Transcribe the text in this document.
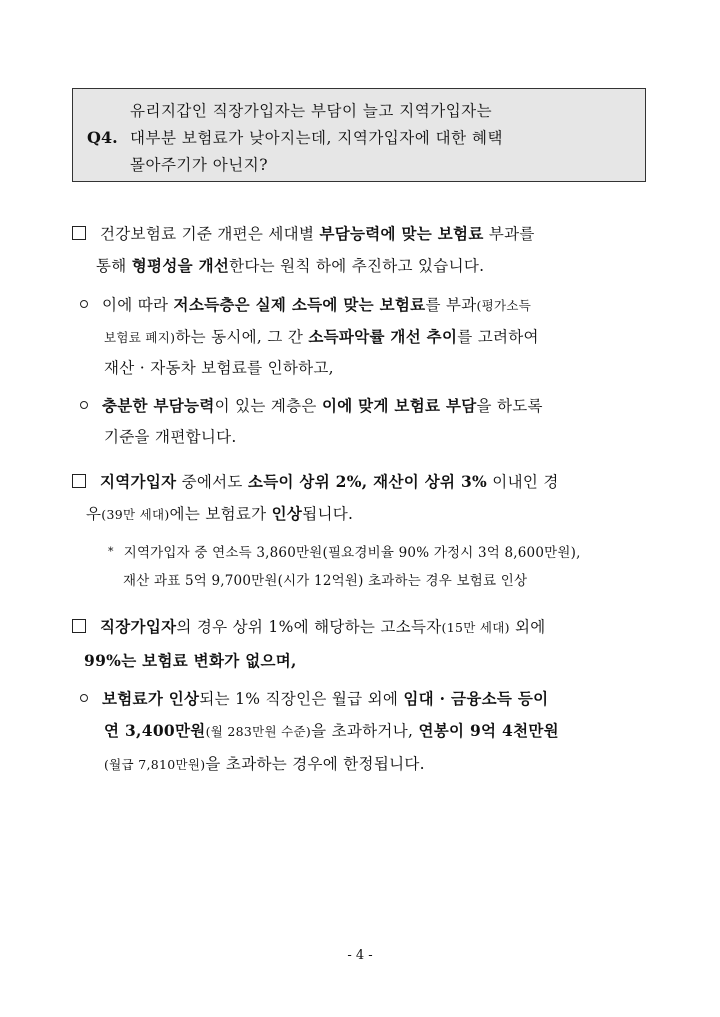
Q4.
유리지갑인 직장가입자는 부담이 늘고 지역가입자는
대부분 보험료가 낮아지는데, 지역가입자에 대한 혜택
몰아주기가 아닌지?
건강보험료 기준 개편은 세대별 부담능력에 맞는 보험료 부과를
통해 형평성을 개선한다는 원칙 하에 추진하고 있습니다.
이에 따라 저소득층은 실제 소득에 맞는 보험료를 부과(평가소득
보험료 폐지)하는 동시에, 그 간 소득파악률 개선 추이를 고려하여
재산 · 자동차 보험료를 인하하고,
충분한 부담능력이 있는 계층은 이에 맞게 보험료 부담을 하도록
기준을 개편합니다.
지역가입자 중에서도 소득이 상위 2%, 재산이 상위 3% 이내인 경
우(39만 세대)에는 보험료가 인상됩니다.
* 지역가입자 중 연소득 3,860만원(필요경비율 90% 가정시 3억 8,600만원),
재산 과표 5억 9,700만원(시가 12억원) 초과하는 경우 보험료 인상
직장가입자의 경우 상위 1%에 해당하는 고소득자(15만 세대) 외에
99%는 보험료 변화가 없으며,
보험료가 인상되는 1% 직장인은 월급 외에 임대 · 금융소득 등이
연 3,400만원(월 283만원 수준)을 초과하거나, 연봉이 9억 4천만원
(월급 7,810만원)을 초과하는 경우에 한정됩니다.
- 4 -
